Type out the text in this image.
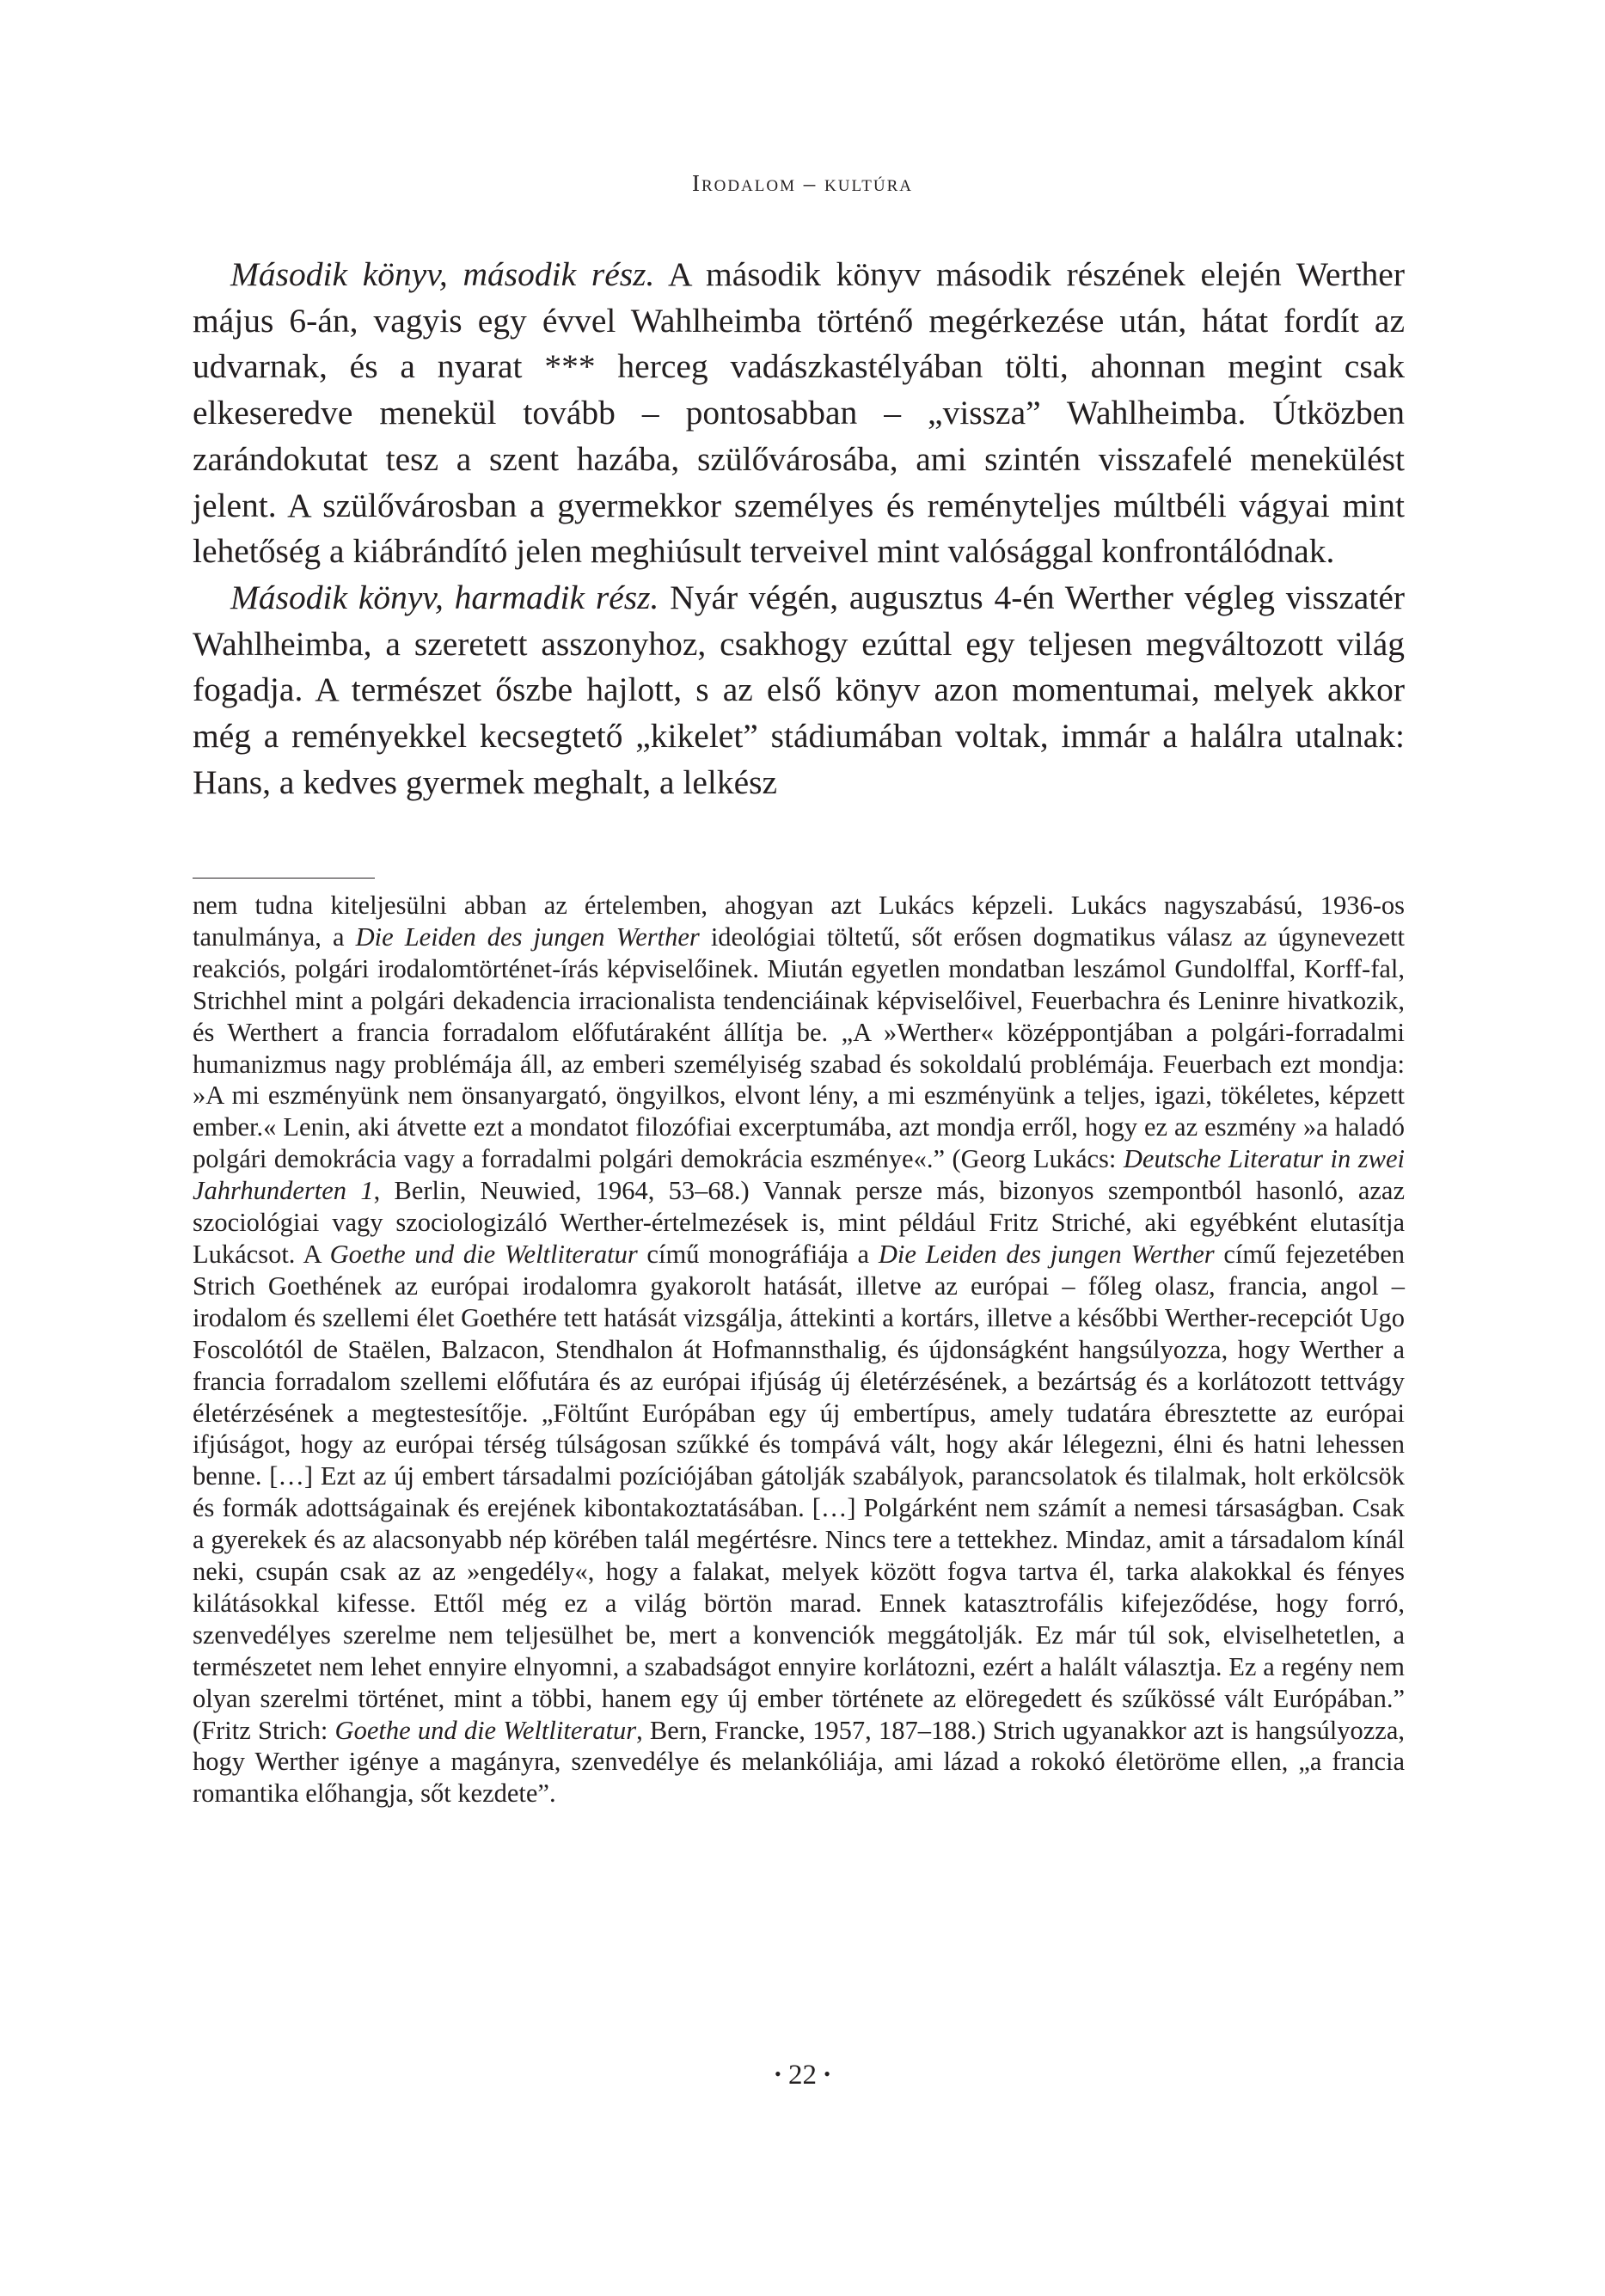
Irodalom – kultúra

Második könyv, második rész. A második könyv második részének elején Werther május 6-án, vagyis egy évvel Wahlheimba történő megérkezése után, hátat fordít az udvarnak, és a nyarat *** herceg vadászkastélyában tölti, ahonnan megint csak elkeseredve menekül tovább – pontosabban – „vissza” Wahlheimba. Útközben zarándokutat tesz a szent hazába, szülővárosába, ami szintén visszafelé menekülést jelent. A szülővárosban a gyermekkor személyes és reményteljes múltbéli vágyai mint lehetőség a kiábrándító jelen meghiúsult terveivel mint valósággal konfrontálódnak.

Második könyv, harmadik rész. Nyár végén, augusztus 4-én Werther végleg visszatér Wahlheimba, a szeretett asszonyhoz, csakhogy ezúttal egy teljesen megváltozott világ fogadja. A természet őszbe hajlott, s az első könyv azon momentumai, melyek akkor még a reményekkel kecsegtető „kikelet” stádiumában voltak, immár a halálra utalnak: Hans, a kedves gyermek meghalt, a lelkész

nem tudna kiteljesülni abban az értelemben, ahogyan azt Lukács képzeli. Lukács nagyszabású, 1936-os tanulmánya, a Die Leiden des jungen Werther ideológiai töltetű, sőt erősen dogmatikus válasz az úgynevezett reakciós, polgári irodalomtörténet-írás képviselőinek. Miután egyetlen mondatban leszámol Gundolffal, Korff-fal, Strichhel mint a polgári dekadencia irracionalista tendenciáinak képviselőivel, Feuerbachra és Leninre hivatkozik, és Werthert a francia forradalom előfutáraként állítja be. „A »Werther« középpontjában a polgári-forradalmi humanizmus nagy problémája áll, az emberi személyiség szabad és sokoldalú problémája. Feuerbach ezt mondja: »A mi eszményünk nem önsanyargató, öngyilkos, elvont lény, a mi eszményünk a teljes, igazi, tökéletes, képzett ember.« Lenin, aki átvette ezt a mondatot filozófiai excerptumába, azt mondja erről, hogy ez az eszmény »a haladó polgári demokrácia vagy a forradalmi polgári demokrácia eszménye«.” (Georg Lukács: Deutsche Literatur in zwei Jahrhunderten 1, Berlin, Neuwied, 1964, 53–68.) Vannak persze más, bizonyos szempontból hasonló, azaz szociológiai vagy szociologizáló Werther-értelmezések is, mint például Fritz Striché, aki egyébként elutasítja Lukácsot. A Goethe und die Weltliteratur című monográfiája a Die Leiden des jungen Werther című fejezetében Strich Goethének az európai irodalomra gyakorolt hatását, illetve az európai – főleg olasz, francia, angol – irodalom és szellemi élet Goethére tett hatását vizsgálja, áttekinti a kortárs, illetve a későbbi Werther-recepciót Ugo Foscolótól de Staëlen, Balzacon, Stendhalon át Hofmannsthalig, és újdonságként hangsúlyozza, hogy Werther a francia forradalom szellemi előfutára és az európai ifjúság új életérzésének, a bezártság és a korlátozott tettvágy életérzésének a megtestesítője. „Föltűnt Európában egy új embertípus, amely tudatára ébresztette az európai ifjúságot, hogy az európai térség túlságosan szűkké és tompává vált, hogy akár lélegezni, élni és hatni lehessen benne. […] Ezt az új embert társadalmi pozíciójában gátolják szabályok, parancsolatok és tilalmak, holt erkölcsök és formák adottságainak és erejének kibontakoztatásában. […] Polgárként nem számít a nemesi társaságban. Csak a gyerekek és az alacsonyabb nép körében talál megértésre. Nincs tere a tettekhez. Mindaz, amit a társadalom kínál neki, csupán csak az az »engedély«, hogy a falakat, melyek között fogva tartva él, tarka alakokkal és fényes kilátásokkal kifesse. Ettől még ez a világ börtön marad. Ennek katasztrofális kifejeződése, hogy forró, szenvedélyes szerelme nem teljesülhet be, mert a konvenciók meggátolják. Ez már túl sok, elviselhetetlen, a természetet nem lehet ennyire elnyomni, a szabadságot ennyire korlátozni, ezért a halált választja. Ez a regény nem olyan szerelmi történet, mint a többi, hanem egy új ember története az elöregedett és szűkössé vált Európában.” (Fritz Strich: Goethe und die Weltliteratur, Bern, Francke, 1957, 187–188.) Strich ugyanakkor azt is hangsúlyozza, hogy Werther igénye a magányra, szenvedélye és melankóliája, ami lázad a rokokó életöröme ellen, „a francia romantika előhangja, sőt kezdete”.

• 22 •
